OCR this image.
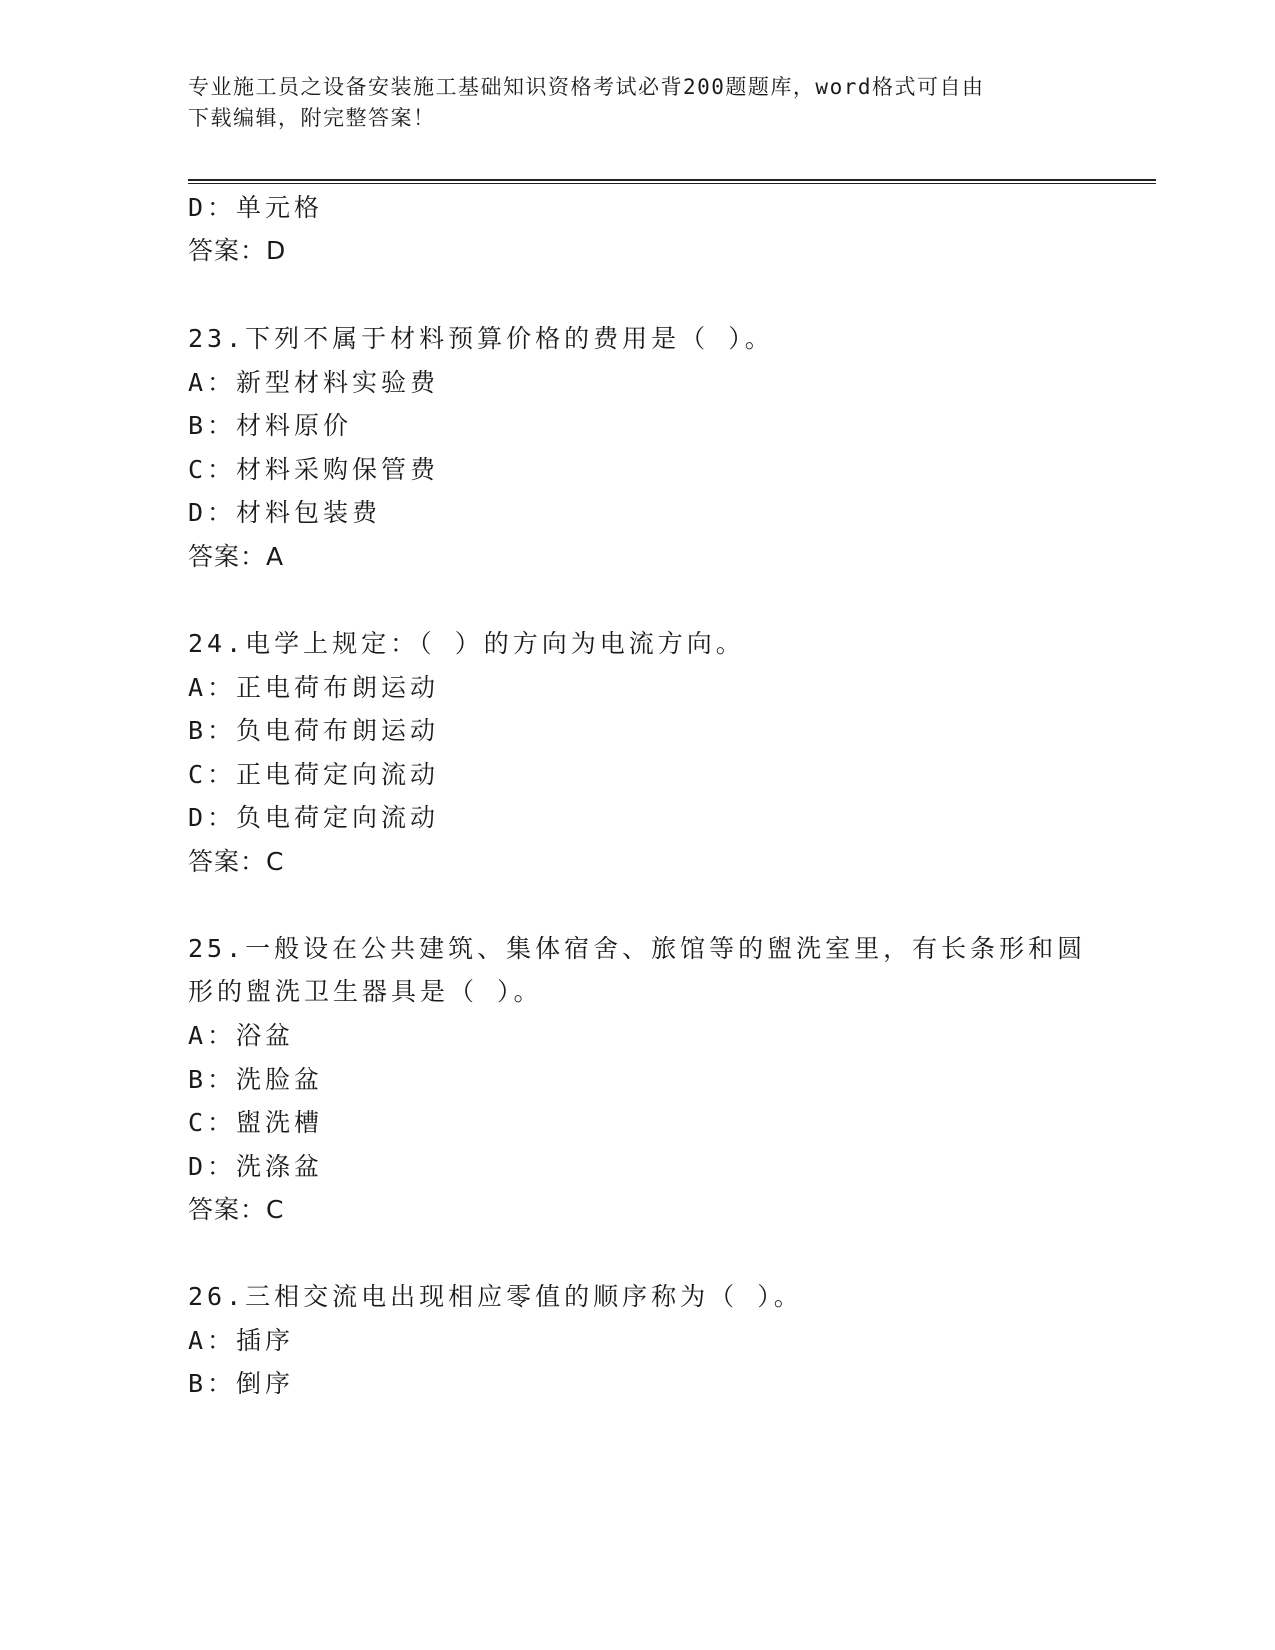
专业施工员之设备安装施工基础知识资格考试必背200题题库，word格式可自由
下载编辑，附完整答案！
D：单元格
答案：D
23.下列不属于材料预算价格的费用是（ ）。
A：新型材料实验费
B：材料原价
C：材料采购保管费
D：材料包装费
答案：A
24.电学上规定：（ ）的方向为电流方向。
A：正电荷布朗运动
B：负电荷布朗运动
C：正电荷定向流动
D：负电荷定向流动
答案：C
25.一般设在公共建筑、集体宿舍、旅馆等的盥洗室里，有长条形和圆
形的盥洗卫生器具是（ ）。
A：浴盆
B：洗脸盆
C：盥洗槽
D：洗涤盆
答案：C
26.三相交流电出现相应零值的顺序称为（ ）。
A：插序
B：倒序
